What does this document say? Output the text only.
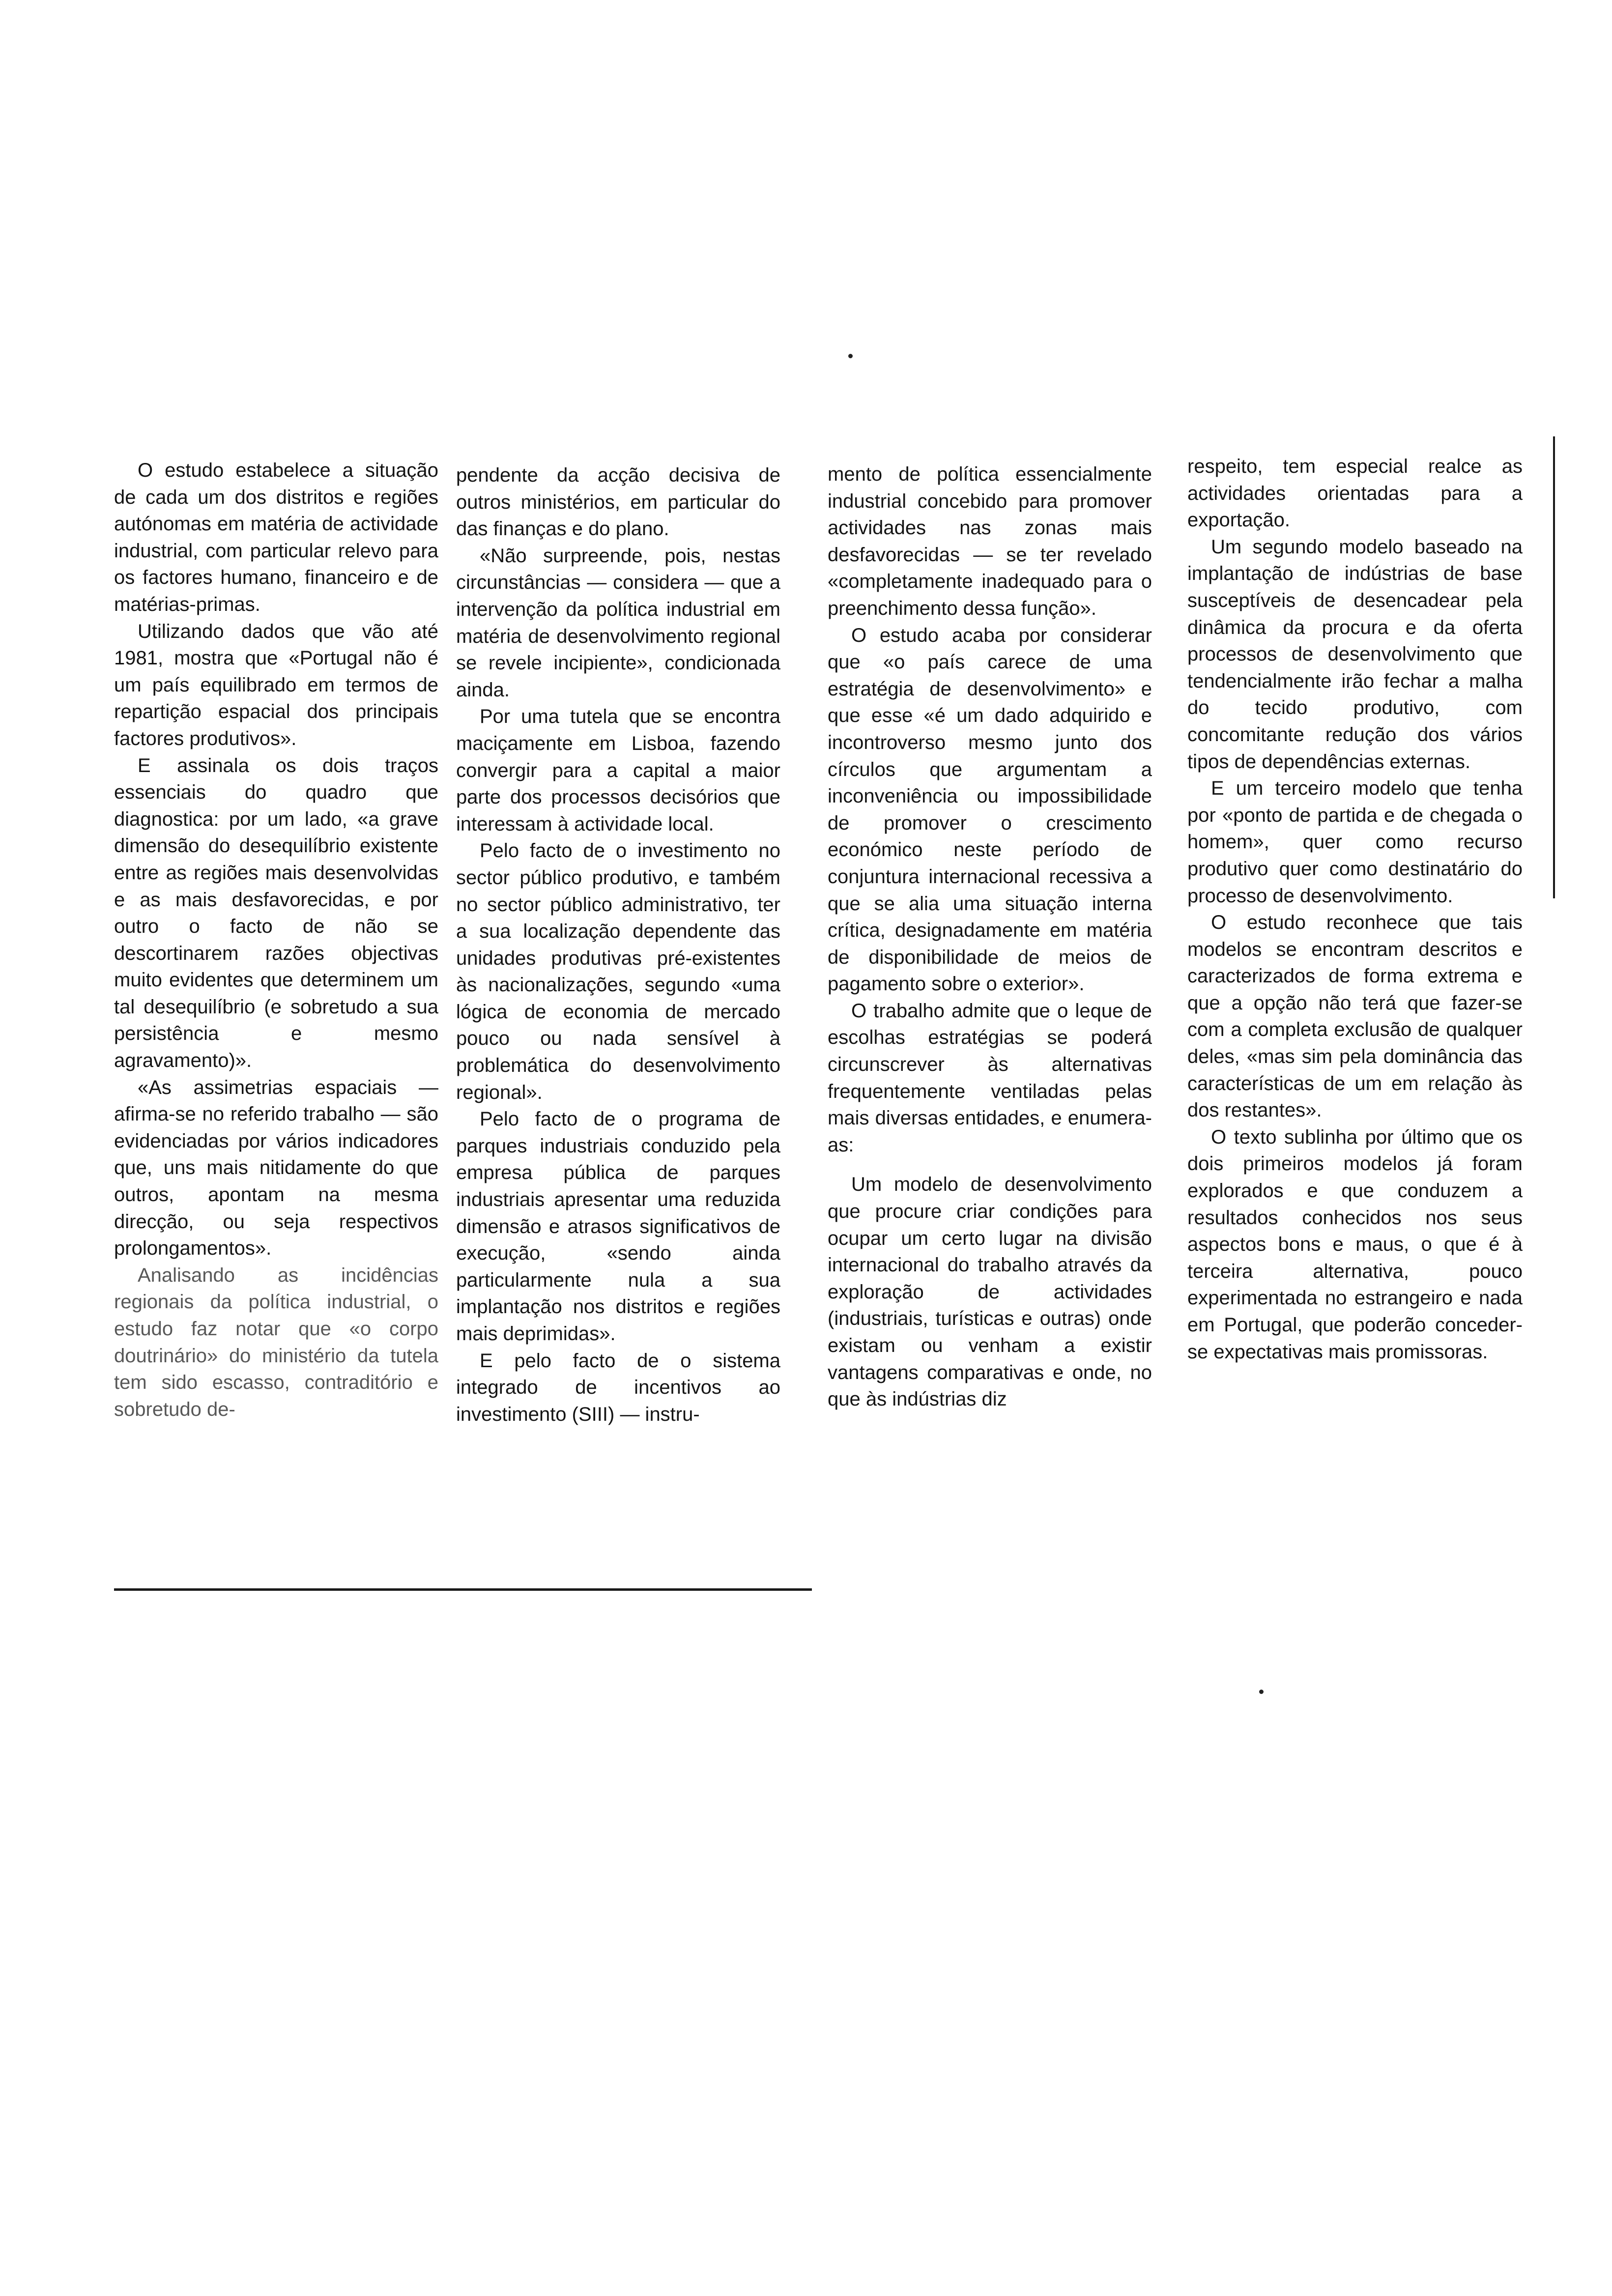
O estudo estabelece a situação de cada um dos distritos e regiões autónomas em matéria de actividade industrial, com particular relevo para os factores humano, financeiro e de matérias-primas.

Utilizando dados que vão até 1981, mostra que «Portugal não é um país equilibrado em termos de repartição espacial dos principais factores produtivos».

E assinala os dois traços essenciais do quadro que diagnostica: por um lado, «a grave dimensão do desequilíbrio existente entre as regiões mais desenvolvidas e as mais desfavorecidas, e por outro o facto de não se descortinarem razões objectivas muito evidentes que determinem um tal desequilíbrio (e sobretudo a sua persistência e mesmo agravamento)».

«As assimetrias espaciais — afirma-se no referido trabalho — são evidenciadas por vários indicadores que, uns mais nitidamente do que outros, apontam na mesma direcção, ou seja respectivos prolongamentos».

Analisando as incidências regionais da política industrial, o estudo faz notar que «o corpo doutrinário» do ministério da tutela tem sido escasso, contraditório e sobretudo de-

pendente da acção decisiva de outros ministérios, em particular do das finanças e do plano.

«Não surpreende, pois, nestas circunstâncias — considera — que a intervenção da política industrial em matéria de desenvolvimento regional se revele incipiente», condicionada ainda.

Por uma tutela que se encontra maciçamente em Lisboa, fazendo convergir para a capital a maior parte dos processos decisórios que interessam à actividade local.

Pelo facto de o investimento no sector público produtivo, e também no sector público administrativo, ter a sua localização dependente das unidades produtivas pré-existentes às nacionalizações, segundo «uma lógica de economia de mercado pouco ou nada sensível à problemática do desenvolvimento regional».

Pelo facto de o programa de parques industriais conduzido pela empresa pública de parques industriais apresentar uma reduzida dimensão e atrasos significativos de execução, «sendo ainda particularmente nula a sua implantação nos distritos e regiões mais deprimidas».

E pelo facto de o sistema integrado de incentivos ao investimento (SIII) — instru-

mento de política essencialmente industrial concebido para promover actividades nas zonas mais desfavorecidas — se ter revelado «completamente inadequado para o preenchimento dessa função».

O estudo acaba por considerar que «o país carece de uma estratégia de desenvolvimento» e que esse «é um dado adquirido e incontroverso mesmo junto dos círculos que argumentam a inconveniência ou impossibilidade de promover o crescimento económico neste período de conjuntura internacional recessiva a que se alia uma situação interna crítica, designadamente em matéria de disponibilidade de meios de pagamento sobre o exterior».

O trabalho admite que o leque de escolhas estratégias se poderá circunscrever às alternativas frequentemente ventiladas pelas mais diversas entidades, e enumera-as:

Um modelo de desenvolvimento que procure criar condições para ocupar um certo lugar na divisão internacional do trabalho através da exploração de actividades (industriais, turísticas e outras) onde existam ou venham a existir vantagens comparativas e onde, no que às indústrias diz

respeito, tem especial realce as actividades orientadas para a exportação.

Um segundo modelo baseado na implantação de indústrias de base susceptíveis de desencadear pela dinâmica da procura e da oferta processos de desenvolvimento que tendencialmente irão fechar a malha do tecido produtivo, com concomitante redução dos vários tipos de dependências externas.

E um terceiro modelo que tenha por «ponto de partida e de chegada o homem», quer como recurso produtivo quer como destinatário do processo de desenvolvimento.

O estudo reconhece que tais modelos se encontram descritos e caracterizados de forma extrema e que a opção não terá que fazer-se com a completa exclusão de qualquer deles, «mas sim pela dominância das características de um em relação às dos restantes».

O texto sublinha por último que os dois primeiros modelos já foram explorados e que conduzem a resultados conhecidos nos seus aspectos bons e maus, o que é à terceira alternativa, pouco experimentada no estrangeiro e nada em Portugal, que poderão conceder-se expectativas mais promissoras.
